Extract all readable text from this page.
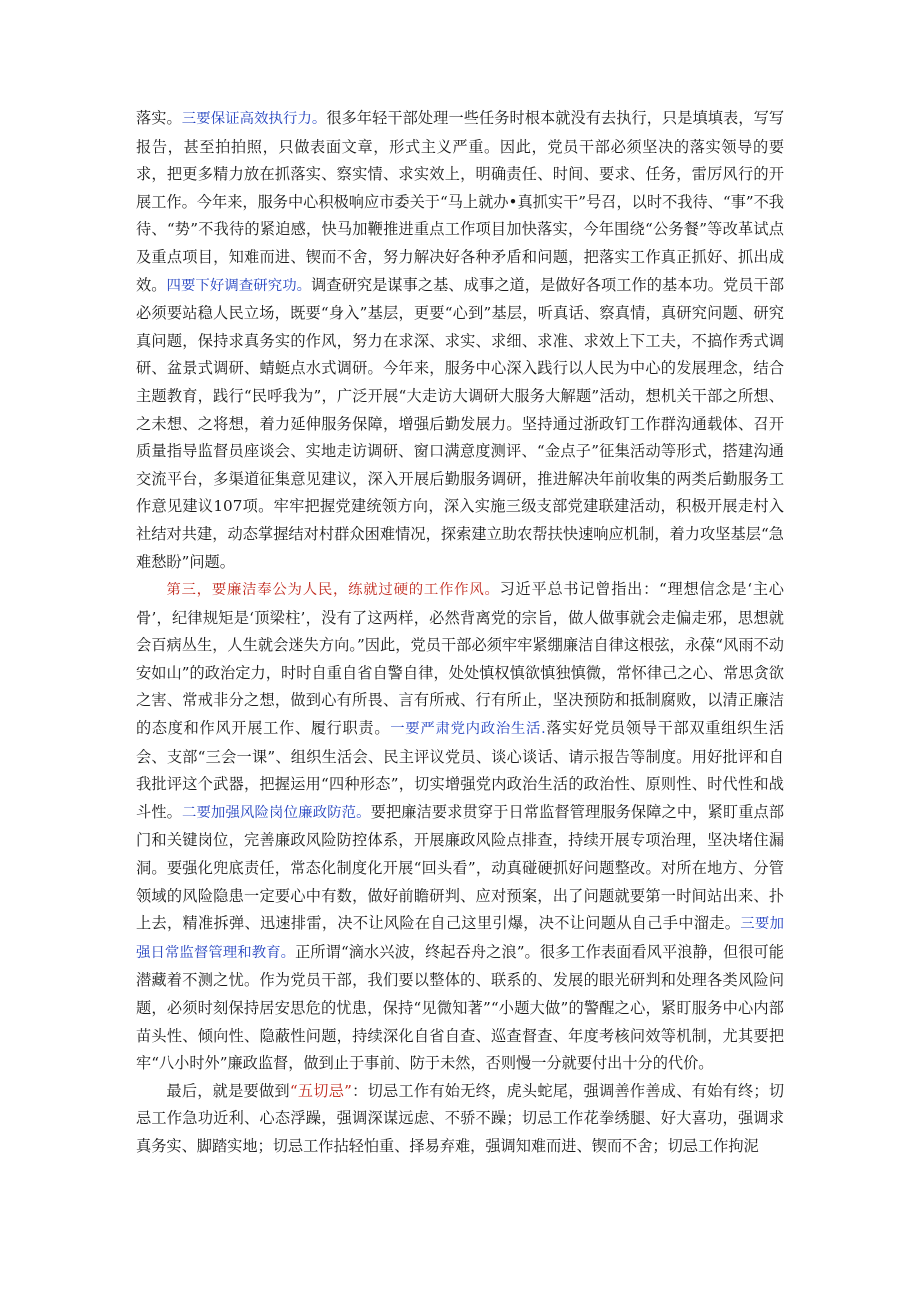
落实。三要保证高效执行力。很多年轻干部处理一些任务时根本就没有去执行，只是填填表，写写报告，甚至拍拍照，只做表面文章，形式主义严重。因此，党员干部必须坚决的落实领导的要求，把更多精力放在抓落实、察实情、求实效上，明确责任、时间、要求、任务，雷厉风行的开展工作。今年来，服务中心积极响应市委关于“马上就办•真抓实干”号召，以时不我待、“事”不我待、“势”不我待的紧迫感，快马加鞭推进重点工作项目加快落实，今年围绕“公务餐”等改革试点及重点项目，知难而进、锲而不舍，努力解决好各种矛盾和问题，把落实工作真正抓好、抓出成效。四要下好调查研究功。调查研究是谋事之基、成事之道，是做好各项工作的基本功。党员干部必须要站稳人民立场，既要“身入”基层，更要“心到”基层，听真话、察真情，真研究问题、研究真问题，保持求真务实的作风，努力在求深、求实、求细、求准、求效上下工夫，不搞作秀式调研、盆景式调研、蜻蜓点水式调研。今年来，服务中心深入践行以人民为中心的发展理念，结合主题教育，践行“民呼我为”，广泛开展“大走访大调研大服务大解题”活动，想机关干部之所想、之未想、之将想，着力延伸服务保障，增强后勤发展力。坚持通过浙政钉工作群沟通载体、召开质量指导监督员座谈会、实地走访调研、窗口满意度测评、“金点子”征集活动等形式，搭建沟通交流平台，多渠道征集意见建议，深入开展后勤服务调研，推进解决年前收集的两类后勤服务工作意见建议107项。牢牢把握党建统领方向，深入实施三级支部党建联建活动，积极开展走村入社结对共建，动态掌握结对村群众困难情况，探索建立助农帮扶快速响应机制，着力攻坚基层“急难愁盼”问题。

第三，要廉洁奉公为人民，练就过硬的工作作风。习近平总书记曾指出：“理想信念是‘主心骨’，纪律规矩是‘顶梁柱’，没有了这两样，必然背离党的宗旨，做人做事就会走偏走邪，思想就会百病丛生，人生就会迷失方向。”因此，党员干部必须牢牢紧绷廉洁自律这根弦，永葆“风雨不动安如山”的政治定力，时时自重自省自警自律，处处慎权慎欲慎独慎微，常怀律己之心、常思贪欲之害、常戒非分之想，做到心有所畏、言有所戒、行有所止，坚决预防和抵制腐败，以清正廉洁的态度和作风开展工作、履行职责。一要严肃党内政治生活.落实好党员领导干部双重组织生活会、支部“三会一课”、组织生活会、民主评议党员、谈心谈话、请示报告等制度。用好批评和自我批评这个武器，把握运用“四种形态”，切实增强党内政治生活的政治性、原则性、时代性和战斗性。二要加强风险岗位廉政防范。要把廉洁要求贯穿于日常监督管理服务保障之中，紧盯重点部门和关键岗位，完善廉政风险防控体系，开展廉政风险点排查，持续开展专项治理，坚决堵住漏洞。要强化兜底责任，常态化制度化开展“回头看”，动真碰硬抓好问题整改。对所在地方、分管领域的风险隐患一定要心中有数，做好前瞻研判、应对预案，出了问题就要第一时间站出来、扑上去，精准拆弹、迅速排雷，决不让风险在自己这里引爆，决不让问题从自己手中溜走。三要加强日常监督管理和教育。正所谓“滴水兴波，终起吞舟之浪”。很多工作表面看风平浪静，但很可能潜藏着不测之忧。作为党员干部，我们要以整体的、联系的、发展的眼光研判和处理各类风险问题，必须时刻保持居安思危的忧患，保持“见微知著”“小题大做”的警醒之心，紧盯服务中心内部苗头性、倾向性、隐蔽性问题，持续深化自省自查、巡查督查、年度考核问效等机制，尤其要把牢“八小时外”廉政监督，做到止于事前、防于未然，否则慢一分就要付出十分的代价。

最后，就是要做到“五切忌”：切忌工作有始无终，虎头蛇尾，强调善作善成、有始有终；切忌工作急功近利、心态浮躁，强调深谋远虑、不骄不躁；切忌工作花拳绣腿、好大喜功，强调求真务实、脚踏实地；切忌工作拈轻怕重、择易弃难，强调知难而进、锲而不舍；切忌工作拘泥
